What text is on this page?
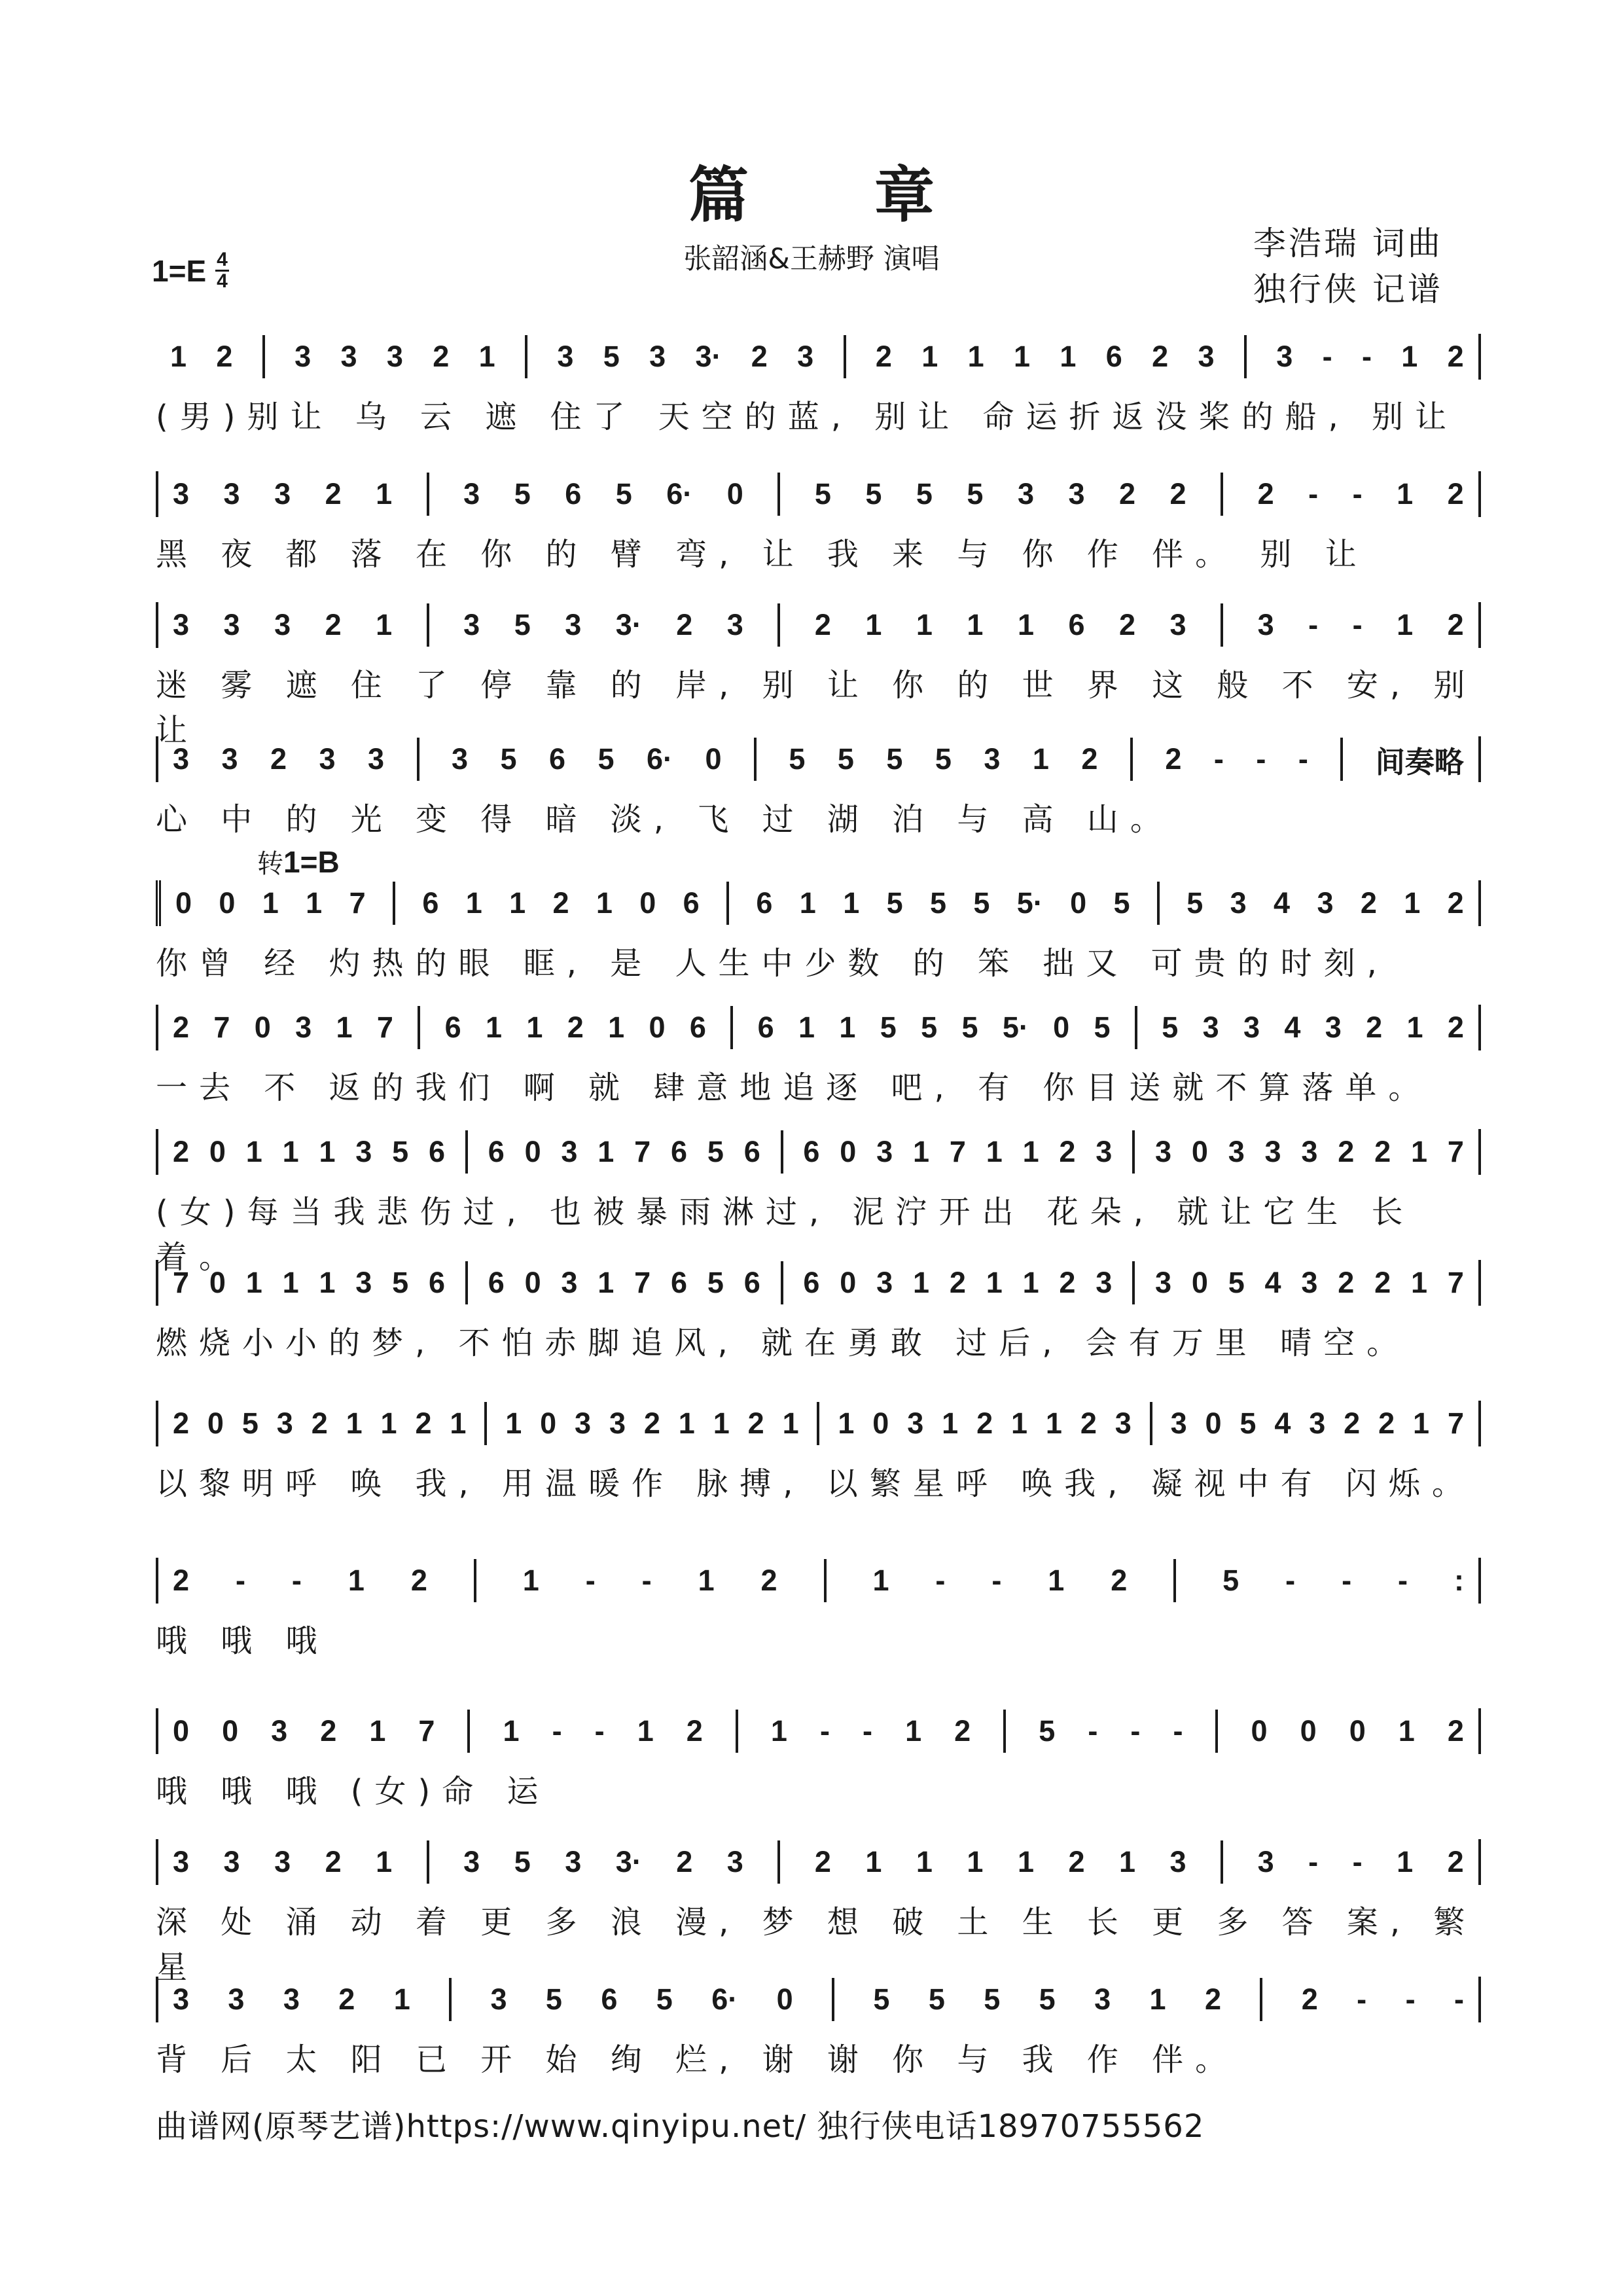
篇 章
张韶涵&王赫野 演唱	李浩瑞 词曲
独行侠 记谱
$1=E \frac{4}{4}$
转1=B
1 2 3 3 3 2 1 3 5 3 3· 2 3 2 1 1 1 1 6 2 3 3 - - 1 2
(男)别让 乌 云 遮 住了 天空的蓝, 别让 命运折返没桨的船, 别让
3 3 3 2 1 3 5 6 5 6· 0 5 5 5 5 3 3 2 2 2 - - 1 2
黑 夜 都 落 在 你 的 臂 弯, 让 我 来 与 你 作 伴。 别 让
3 3 3 2 1 3 5 3 3· 2 3 2 1 1 1 1 6 2 3 3 - - 1 2
迷 雾 遮 住 了 停 靠 的 岸, 别 让 你 的 世 界 这 般 不 安, 别 让
3 3 2 3 3 3 5 6 5 6· 0 5 5 5 5 3 1 2 2 - - - 间奏略
心 中 的 光 变 得 暗 淡, 飞 过 湖 泊 与 高 山。
0 0 1 1 7 6 1 1 2 1 0 6 6 1 1 5 5 5 5· 0 5 5 3 4 3 2 1 2
你曾 经 灼热的眼 眶, 是 人生中少数 的 笨 拙又 可贵的时刻,
2 7 0 3 1 7 6 1 1 2 1 0 6 6 1 1 5 5 5 5· 0 5 5 3 3 4 3 2 1 2
一去 不 返的我们 啊 就 肆意地追逐 吧, 有 你目送就不算落单。
2 0 1 1 1 3 5 6 6 0 3 1 7 6 5 6 6 0 3 1 7 1 1 2 3 3 0 3 3 3 2 2 1 7
(女)每当我悲伤过, 也被暴雨淋过, 泥泞开出 花朵, 就让它生 长着。
7 0 1 1 1 3 5 6 6 0 3 1 7 6 5 6 6 0 3 1 2 1 1 2 3 3 0 5 4 3 2 2 1 7
燃烧小小的梦, 不怕赤脚追风, 就在勇敢 过后, 会有万里 晴空。
2 0 5 3 2 1 1 2 1 1 0 3 3 2 1 1 2 1 1 0 3 1 2 1 1 2 3 3 0 5 4 3 2 2 1 7
以黎明呼 唤 我, 用温暖作 脉搏, 以繁星呼 唤我, 凝视中有 闪烁。
2 - - 1 2	1 - - 1 2	1 - - 1 2	5 - - - :
哦 哦 哦
0 0 3 2 1 7 1 - - 1 2 1 - - 1 2 5 - - - 0 0 0 1 2
哦 哦 哦 (女)命 运
3 3 3 2 1 3 5 3 3· 2 3 2 1 1 1 1 2 1 3 3 - - 1 2
深 处 涌 动 着 更 多 浪 漫, 梦 想 破 土 生 长 更 多 答 案, 繁 星
3 3 3 2 1	3 5 6 5 6· 0	5 5 5 5 3 1 2	2 - - -
背 后 太 阳 已 开 始 绚 烂, 谢 谢 你 与 我 作 伴。
曲谱网(原琴艺谱)https://www.qinyipu.net/ 独行侠电话18970755562
